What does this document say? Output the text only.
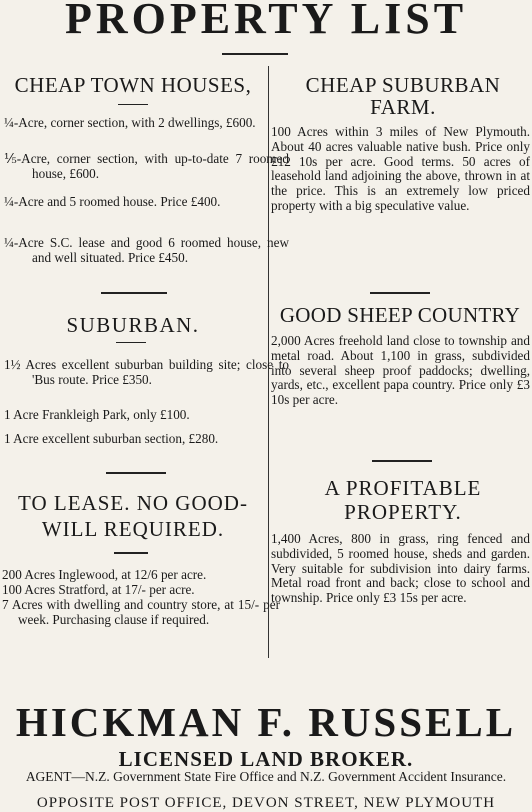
PROPERTY LIST
CHEAP TOWN HOUSES,
¼-Acre, corner section, with 2 dwellings, £600.
⅕-Acre, corner section, with up-to-date 7 roomed house, £600.
¼-Acre and 5 roomed house. Price £400.
¼-Acre S.C. lease and good 6 roomed house, new and well situated. Price £450.
SUBURBAN.
1½ Acres excellent suburban building site; close to 'Bus route. Price £350.
1 Acre Frankleigh Park, only £100.
1 Acre excellent suburban section, £280.
TO LEASE. NO GOOD-WILL REQUIRED.
200 Acres Inglewood, at 12/6 per acre.
100 Acres Stratford, at 17/- per acre.
7 Acres with dwelling and country store, at 15/- per week. Purchasing clause if required.
CHEAP SUBURBAN FARM.
100 Acres within 3 miles of New Plymouth. About 40 acres valuable native bush. Price only £12 10s per acre. Good terms. 50 acres of leasehold land adjoining the above, thrown in at the price. This is an extremely low priced property with a big speculative value.
GOOD SHEEP COUNTRY
2,000 Acres freehold land close to township and metal road. About 1,100 in grass, subdivided into several sheep proof paddocks; dwelling, yards, etc., excellent papa country. Price only £3 10s per acre.
A PROFITABLE PROPERTY.
1,400 Acres, 800 in grass, ring fenced and subdivided, 5 roomed house, sheds and garden. Very suitable for subdivision into dairy farms. Metal road front and back; close to school and township. Price only £3 15s per acre.
HICKMAN F. RUSSELL
LICENSED LAND BROKER.
AGENT—N.Z. Government State Fire Office and N.Z. Government Accident Insurance.
OPPOSITE POST OFFICE, DEVON STREET, NEW PLYMOUTH
